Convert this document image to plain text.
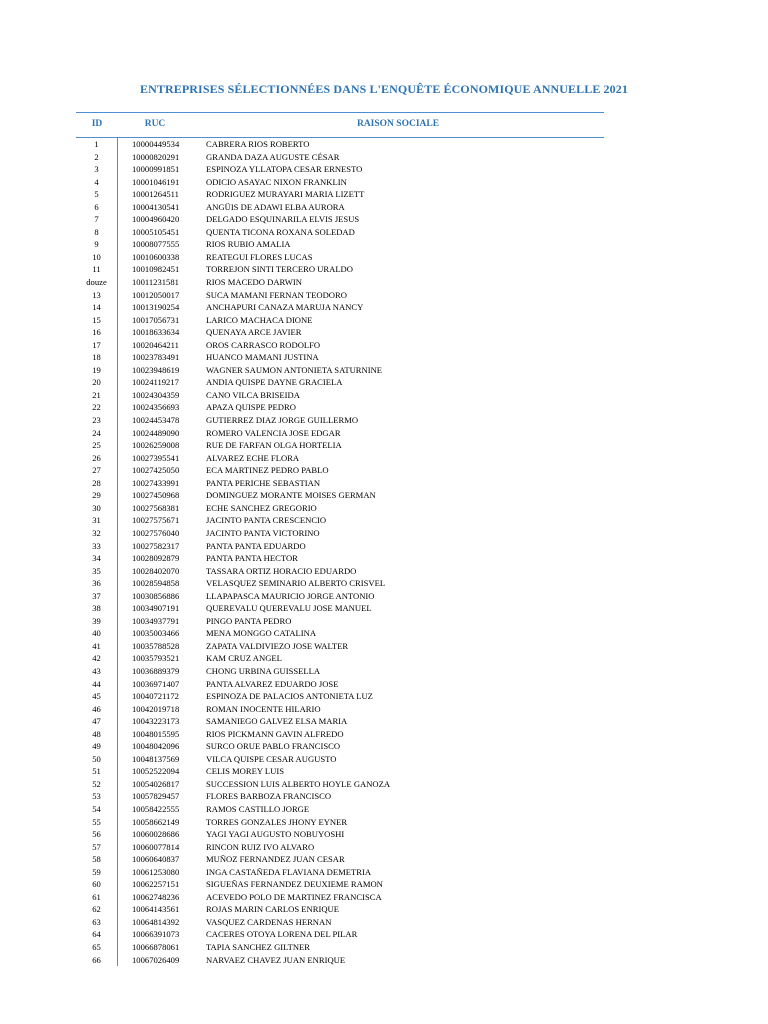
ENTREPRISES SÉLECTIONNÉES DANS L'ENQUÊTE ÉCONOMIQUE ANNUELLE 2021
ID	RUC	RAISON SOCIALE
1	10000449534	CABRERA RIOS ROBERTO
2	10000820291	GRANDA DAZA AUGUSTE CÉSAR
3	10000991851	ESPINOZA YLLATOPA CESAR ERNESTO
4	10001046191	ODICIO ASAYAC NIXON FRANKLIN
5	10001264511	RODRIGUEZ MURAYARI MARIA LIZETT
6	10004130541	ANGÜIS DE ADAWI ELBA AURORA
7	10004960420	DELGADO ESQUINARILA ELVIS JESUS
8	10005105451	QUENTA TICONA ROXANA SOLEDAD
9	10008077555	RIOS RUBIO AMALIA
10	10010600338	REATEGUI FLORES LUCAS
11	10010982451	TORREJON SINTI TERCERO URALDO
douze	10011231581	RIOS MACEDO DARWIN
13	10012050017	SUCA MAMANI FERNAN TEODORO
14	10013190254	ANCHAPURI CANAZA MARUJA NANCY
15	10017056731	LARICO MACHACA DIONE
16	10018633634	QUENAYA ARCE JAVIER
17	10020464211	OROS CARRASCO RODOLFO
18	10023783491	HUANCO MAMANI JUSTINA
19	10023948619	WAGNER SAUMON ANTONIETA SATURNINE
20	10024119217	ANDIA QUISPE DAYNE GRACIELA
21	10024304359	CANO VILCA BRISEIDA
22	10024356693	APAZA QUISPE PEDRO
23	10024453478	GUTIERREZ DIAZ JORGE GUILLERMO
24	10024489090	ROMERO VALENCIA JOSE EDGAR
25	10026259008	RUE DE FARFAN OLGA HORTELIA
26	10027395541	ALVAREZ ECHE FLORA
27	10027425050	ECA MARTINEZ PEDRO PABLO
28	10027433991	PANTA PERICHE SEBASTIAN
29	10027450968	DOMINGUEZ MORANTE MOISES GERMAN
30	10027568381	ECHE SANCHEZ GREGORIO
31	10027575671	JACINTO PANTA CRESCENCIO
32	10027576040	JACINTO PANTA VICTORINO
33	10027582317	PANTA PANTA EDUARDO
34	10028092879	PANTA PANTA HECTOR
35	10028402070	TASSARA ORTIZ HORACIO EDUARDO
36	10028594858	VELASQUEZ SEMINARIO ALBERTO CRISVEL
37	10030856886	LLAPAPASCA MAURICIO JORGE ANTONIO
38	10034907191	QUEREVALU QUEREVALU JOSE MANUEL
39	10034937791	PINGO PANTA PEDRO
40	10035003466	MENA MONGGO CATALINA
41	10035788528	ZAPATA VALDIVIEZO JOSE WALTER
42	10035793521	KAM CRUZ ANGEL
43	10036889379	CHONG URBINA GUISSELLA
44	10036971407	PANTA ALVAREZ EDUARDO JOSE
45	10040721172	ESPINOZA DE PALACIOS ANTONIETA LUZ
46	10042019718	ROMAN INOCENTE HILARIO
47	10043223173	SAMANIEGO GALVEZ ELSA MARIA
48	10048015595	RIOS PICKMANN GAVIN ALFREDO
49	10048042096	SURCO ORUE PABLO FRANCISCO
50	10048137569	VILCA QUISPE CESAR AUGUSTO
51	10052522094	CELIS MOREY LUIS
52	10054026817	SUCCESSION LUIS ALBERTO HOYLE GANOZA
53	10057829457	FLORES BARBOZA FRANCISCO
54	10058422555	RAMOS CASTILLO JORGE
55	10058662149	TORRES GONZALES JHONY EYNER
56	10060028686	YAGI YAGI AUGUSTO NOBUYOSHI
57	10060077814	RINCON RUIZ IVO ALVARO
58	10060640837	MUÑOZ FERNANDEZ JUAN CESAR
59	10061253080	INGA CASTAÑEDA FLAVIANA DEMETRIA
60	10062257151	SIGUEÑAS FERNANDEZ DEUXIEME RAMON
61	10062748236	ACEVEDO POLO DE MARTINEZ FRANCISCA
62	10064143561	ROJAS MARIN CARLOS ENRIQUE
63	10064814392	VASQUEZ CARDENAS HERNAN
64	10066391073	CACERES OTOYA LORENA DEL PILAR
65	10066878061	TAPIA SANCHEZ GILTNER
66	10067026409	NARVAEZ CHAVEZ JUAN ENRIQUE
